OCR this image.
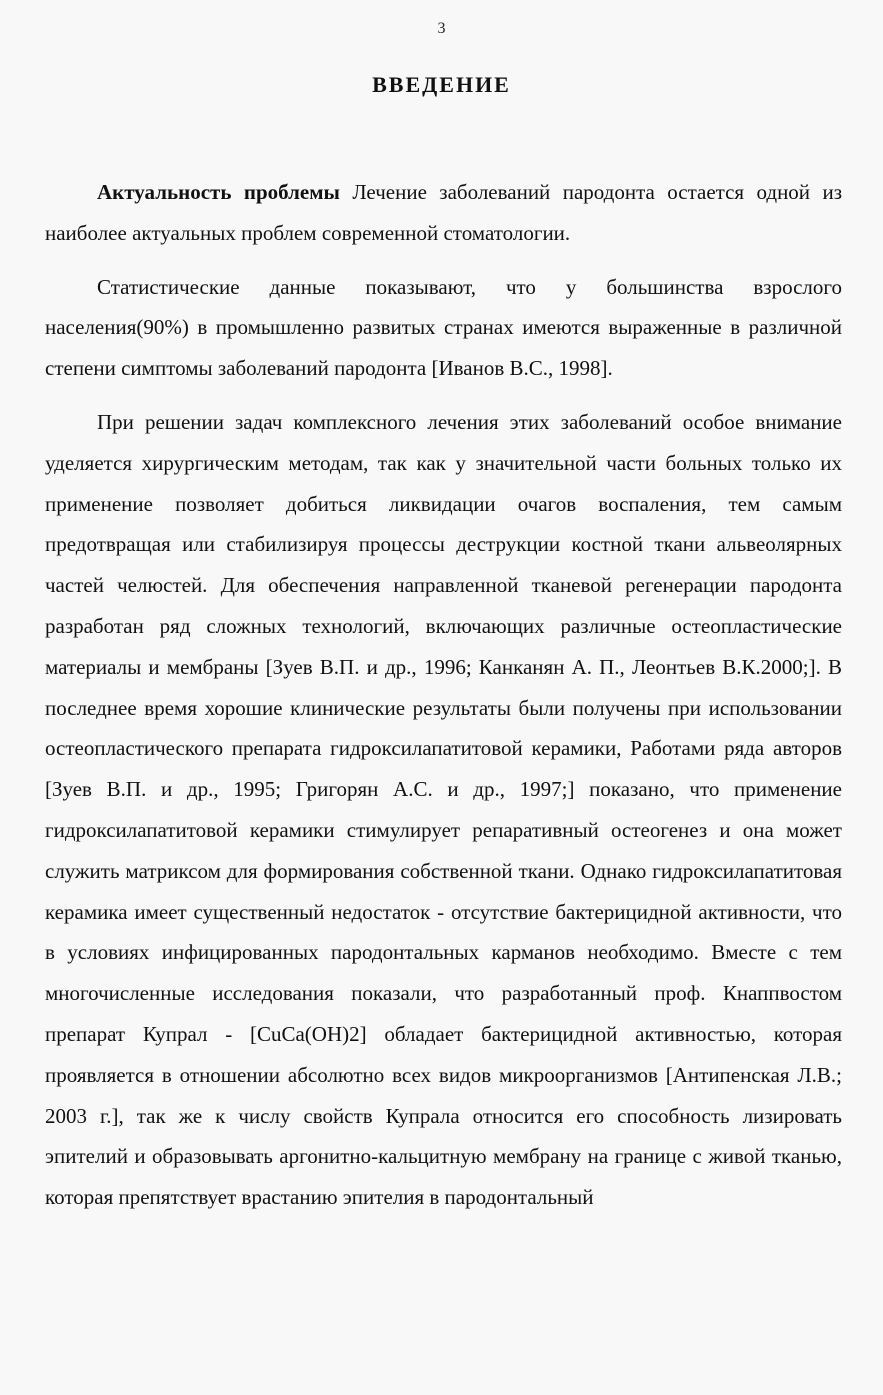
3
ВВЕДЕНИЕ

Актуальность проблемы Лечение заболеваний пародонта остается одной из наиболее актуальных проблем современной стоматологии.

Статистические данные показывают, что у большинства взрослого населения(90%) в промышленно развитых странах имеются выраженные в различной степени симптомы заболеваний пародонта [Иванов В.С., 1998].

При решении задач комплексного лечения этих заболеваний особое внимание уделяется хирургическим методам, так как у значительной части больных только их применение позволяет добиться ликвидации очагов воспаления, тем самым предотвращая или стабилизируя процессы деструкции костной ткани альвеолярных частей челюстей. Для обеспечения направленной тканевой регенерации пародонта разработан ряд сложных технологий, включающих различные остеопластические материалы и мембраны [Зуев В.П. и др., 1996; Канканян А. П., Леонтьев В.К.2000;]. В последнее время хорошие клинические результаты были получены при использовании остеопластического препарата гидроксилапатитовой керамики, Работами ряда авторов [Зуев В.П. и др., 1995; Григорян А.С. и др., 1997;] показано, что применение гидроксилапатитовой керамики стимулирует репаративный остеогенез и она может служить матриксом для формирования собственной ткани. Однако гидроксилапатитовая керамика имеет существенный недостаток - отсутствие бактерицидной активности, что в условиях инфицированных пародонтальных карманов необходимо. Вместе с тем многочисленные исследования показали, что разработанный проф. Кнаппвостом препарат Купрал - [CuCa(OH)2] обладает бактерицидной активностью, которая проявляется в отношении абсолютно всех видов микроорганизмов [Антипенская Л.В.; 2003 г.], так же к числу свойств Купрала относится его способность лизировать эпителий и образовывать аргонитно-кальцитную мембрану на границе с живой тканью, которая препятствует врастанию эпителия в пародонтальный
